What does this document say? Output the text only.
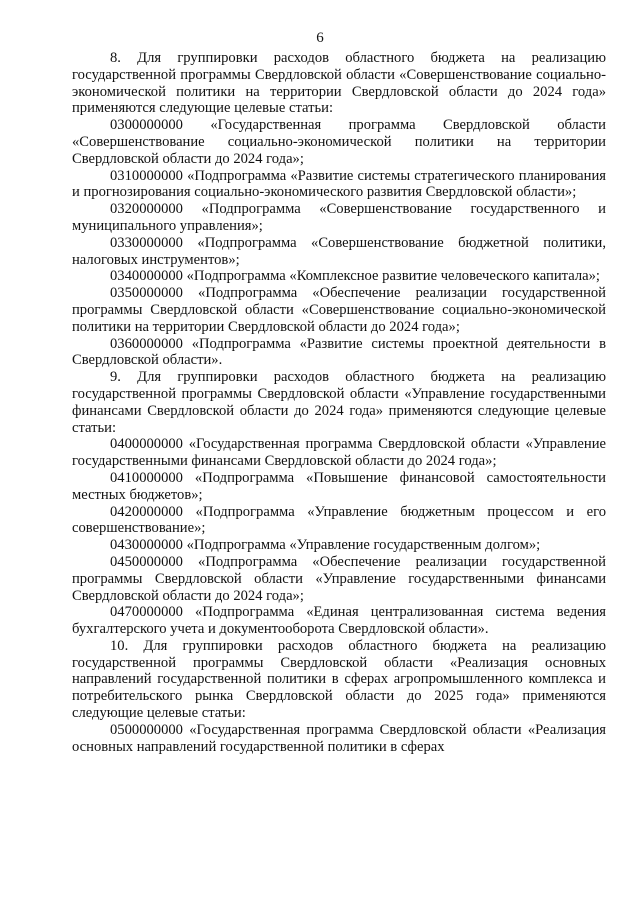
6

8. Для группировки расходов областного бюджета на реализацию государственной программы Свердловской области «Совершенствование социально-экономической политики на территории Свердловской области до 2024 года» применяются следующие целевые статьи:

0300000000 «Государственная программа Свердловской области «Совершенствование социально-экономической политики на территории Свердловской области до 2024 года»;

0310000000 «Подпрограмма «Развитие системы стратегического планирования и прогнозирования социально-экономического развития Свердловской области»;

0320000000 «Подпрограмма «Совершенствование государственного и муниципального управления»;

0330000000 «Подпрограмма «Совершенствование бюджетной политики, налоговых инструментов»;

0340000000 «Подпрограмма «Комплексное развитие человеческого капитала»;

0350000000 «Подпрограмма «Обеспечение реализации государственной программы Свердловской области «Совершенствование социально-экономической политики на территории Свердловской области до 2024 года»;

0360000000 «Подпрограмма «Развитие системы проектной деятельности в Свердловской области».

9. Для группировки расходов областного бюджета на реализацию государственной программы Свердловской области «Управление государственными финансами Свердловской области до 2024 года» применяются следующие целевые статьи:

0400000000 «Государственная программа Свердловской области «Управление государственными финансами Свердловской области до 2024 года»;

0410000000 «Подпрограмма «Повышение финансовой самостоятельности местных бюджетов»;

0420000000 «Подпрограмма «Управление бюджетным процессом и его совершенствование»;

0430000000 «Подпрограмма «Управление государственным долгом»;

0450000000 «Подпрограмма «Обеспечение реализации государственной программы Свердловской области «Управление государственными финансами Свердловской области до 2024 года»;

0470000000 «Подпрограмма «Единая централизованная система ведения бухгалтерского учета и документооборота Свердловской области».

10. Для группировки расходов областного бюджета на реализацию государственной программы Свердловской области «Реализация основных направлений государственной политики в сферах агропромышленного комплекса и потребительского рынка Свердловской области до 2025 года» применяются следующие целевые статьи:

0500000000 «Государственная программа Свердловской области «Реализация основных направлений государственной политики в сферах
